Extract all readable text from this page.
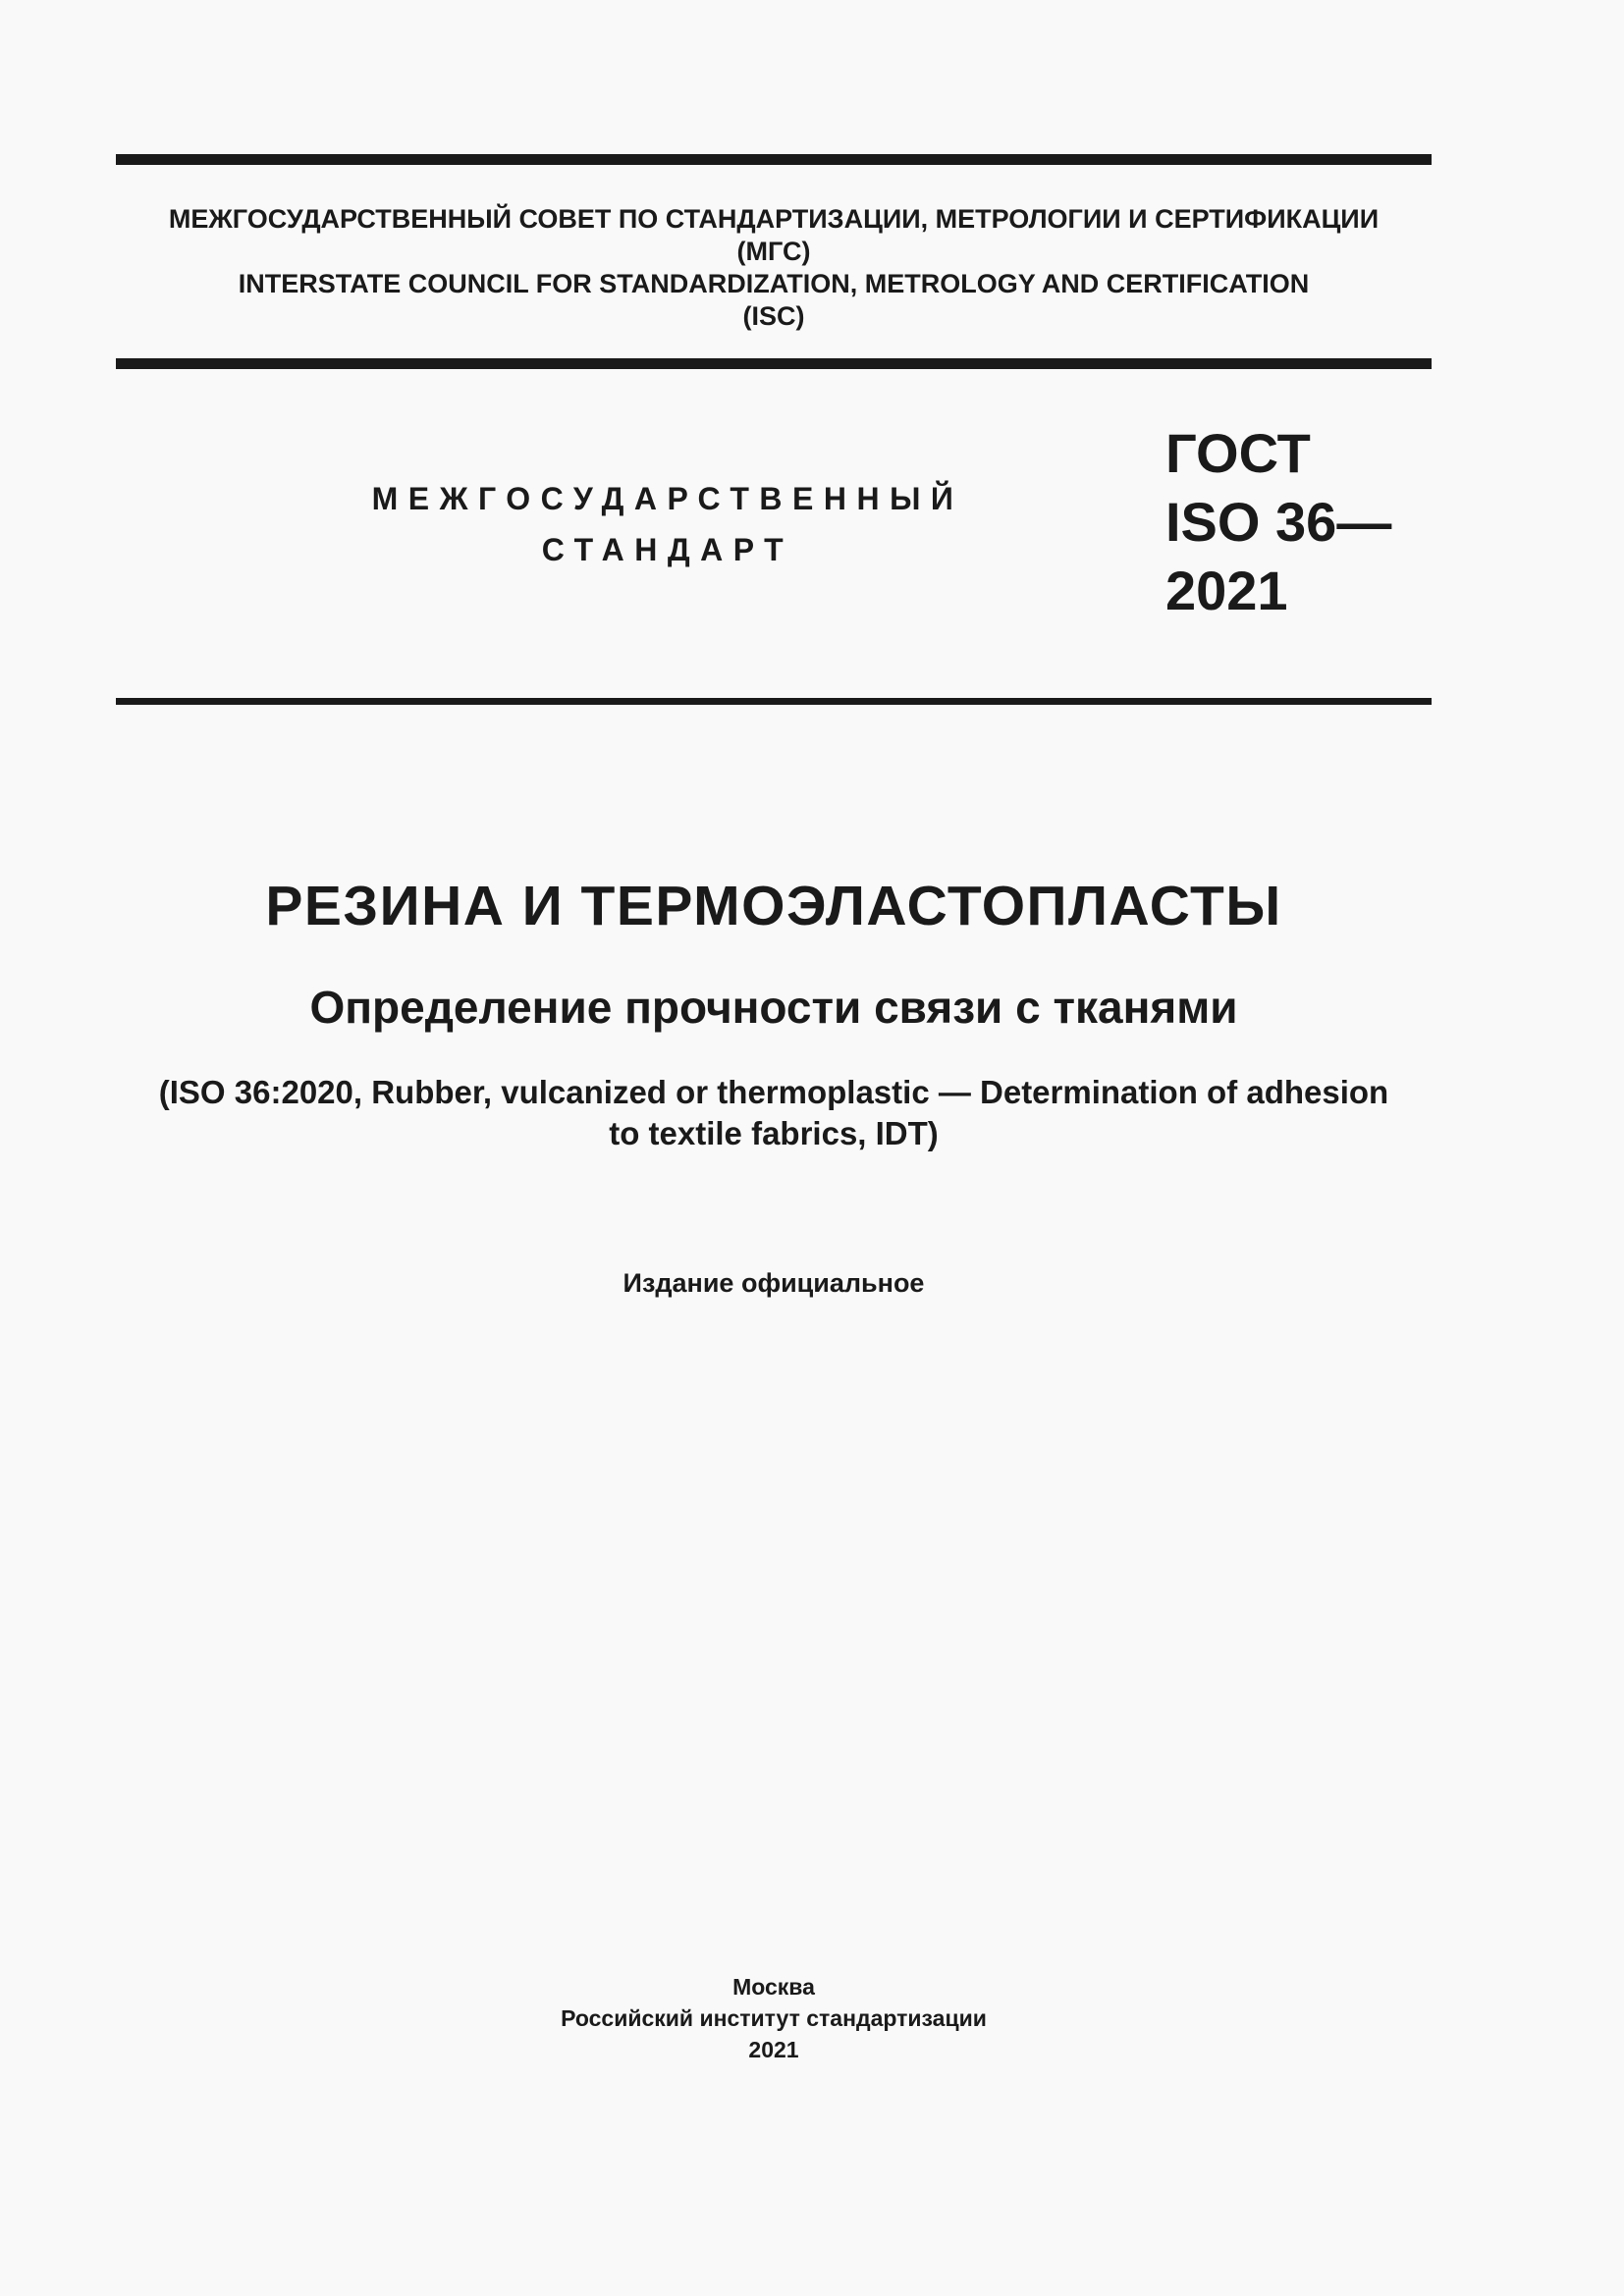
МЕЖГОСУДАРСТВЕННЫЙ СОВЕТ ПО СТАНДАРТИЗАЦИИ, МЕТРОЛОГИИ И СЕРТИФИКАЦИИ
(МГС)
INTERSTATE COUNCIL FOR STANDARDIZATION, METROLOGY AND CERTIFICATION
(ISC)
МЕЖГОСУДАРСТВЕННЫЙ
СТАНДАРТ
ГОСТ
ISO 36—
2021
РЕЗИНА И ТЕРМОЭЛАСТОПЛАСТЫ
Определение прочности связи с тканями
(ISO 36:2020, Rubber, vulcanized or thermoplastic — Determination of adhesion
to textile fabrics, IDT)
Издание официальное
Москва
Российский институт стандартизации
2021
